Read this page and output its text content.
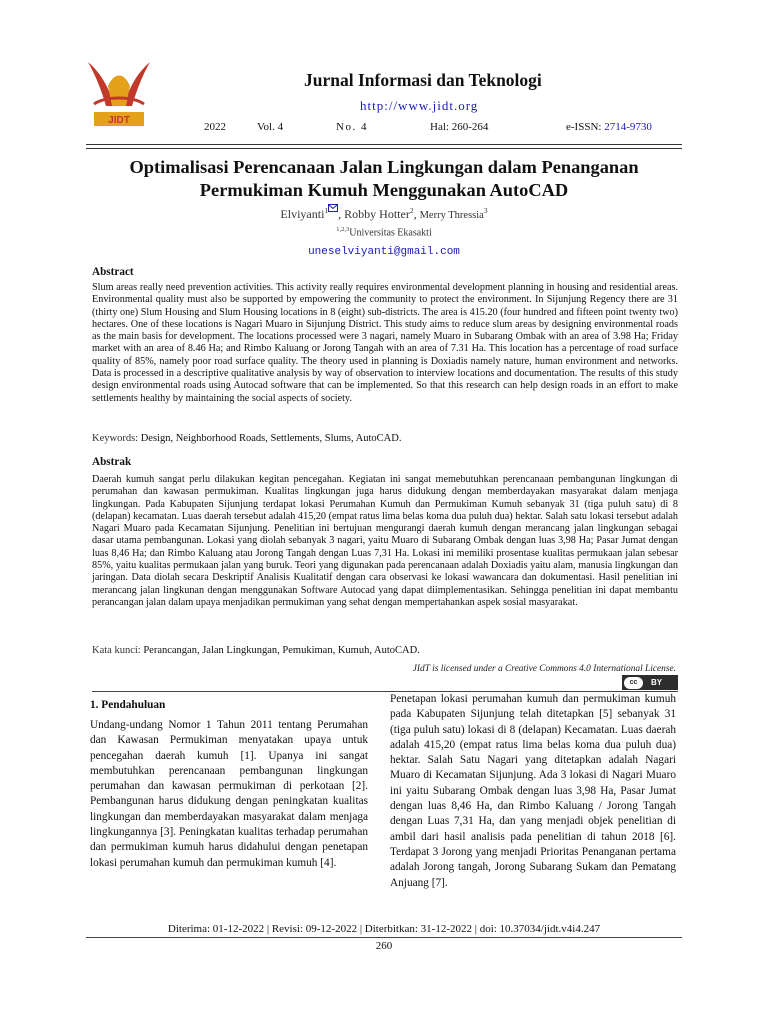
JIDT
Jurnal Informasi dan Teknologi
http://www.jidt.org
2022	Vol. 4	No. 4	Hal: 260-264	e-ISSN: 2714-9730
Optimalisasi Perencanaan Jalan Lingkungan dalam Penanganan Permukiman Kumuh Menggunakan AutoCAD
Elviyanti$^1$ , Robby Hotter$^2$, Merry Thressia$^3$
$^{1,2,3}$Universitas Ekasakti
uneselviyanti@gmail.com
Abstract
Slum areas really need prevention activities. This activity really requires environmental development planning in housing and residential areas. Environmental quality must also be supported by empowering the community to protect the environment. In Sijunjung Regency there are 31 (thirty one) Slum Housing and Slum Housing locations in 8 (eight) sub-districts. The area is 415.20 (four hundred and fifteen point twenty two) hectares. One of these locations is Nagari Muaro in Sijunjung District. This study aims to reduce slum areas by designing environmental roads as the main basis for development. The locations processed were 3 nagari, namely Muaro in Subarang Ombak with an area of 3.98 Ha; Friday market with an area of 8.46 Ha; and Rimbo Kaluang or Jorong Tangah with an area of 7.31 Ha. This location has a percentage of road surface quality of 85%, namely poor road surface quality. The theory used in planning is Doxiadis namely nature, human environment and networks. Data is processed in a descriptive qualitative analysis by way of observation to interview locations and documentation. The results of this study design environmental roads using Autocad software that can be implemented. So that this research can help design roads in an effort to make settlements healthy by maintaining the social aspects of society.
Keywords: Design, Neighborhood Roads, Settlements, Slums, AutoCAD.
Abstrak
Daerah kumuh sangat perlu dilakukan kegitan pencegahan. Kegiatan ini sangat memebutuhkan perencanaan pembangunan lingkungan di perumahan dan kawasan permukiman. Kualitas lingkungan juga harus didukung dengan memberdayakan masyarakat dalam menjaga lingkungan. Pada Kabupaten Sijunjung terdapat lokasi Perumahan Kumuh dan Permukiman Kumuh sebanyak 31 (tiga puluh satu) di 8 (delapan) kecamatan. Luas daerah tersebut adalah 415,20 (empat ratus lima belas koma dua puluh dua) hektar. Salah satu lokasi tersebut adalah Nagari Muaro pada Kecamatan Sijunjung. Penelitian ini bertujuan mengurangi daerah kumuh dengan merancang jalan lingkungan sebagai dasar utama pembangunan. Lokasi yang diolah sebanyak 3 nagari, yaitu Muaro di Subarang Ombak dengan luas 3,98 Ha; Pasar Jumat dengan luas 8,46 Ha; dan Rimbo Kaluang atau Jorong Tangah dengan Luas 7,31 Ha. Lokasi ini memiliki prosentase kualitas permukaan jalan sebesar 85%, yaitu kualitas permukaan jalan yang buruk. Teori yang digunakan pada perencanaan adalah Doxiadis yaitu alam, manusia lingkungan dan jaringan. Data diolah secara Deskriptif Analisis Kualitatif dengan cara observasi ke lokasi wawancara dan dokumentasi. Hasil penelitian ini merancang jalan lingkunan dengan menggunakan Software Autocad yang dapat diimplementasikan. Sehingga penelitian ini dapat membantu perancangan jalan dalam upaya menjadikan permukiman yang sehat dengan mempertahankan aspek sosial masyarakat.
Kata kunci: Perancangan, Jalan Lingkungan, Pemukiman, Kumuh, AutoCAD.
JIdT is licensed under a Creative Commons 4.0 International License.
cc	BY
1. Pendahuluan
Undang-undang Nomor 1 Tahun 2011 tentang Perumahan dan Kawasan Permukiman menyatakan upaya untuk pencegahan daerah kumuh [1]. Upanya ini sangat membutuhkan perencanaan pembangunan lingkungan perumahan dan kawasan permukiman di perkotaan [2]. Pembangunan harus didukung dengan peningkatan kualitas lingkungan dan memberdayakan masyarakat dalam menjaga lingkungannya [3]. Peningkatan kualitas terhadap perumahan dan permukiman kumuh harus didahului dengan penetapan lokasi perumahan kumuh dan permukiman kumuh [4].
Penetapan lokasi perumahan kumuh dan permukiman kumuh pada Kabupaten Sijunjung telah ditetapkan [5] sebanyak 31 (tiga puluh satu) lokasi di 8 (delapan) Kecamatan. Luas daerah adalah 415,20 (empat ratus lima belas koma dua puluh dua) hektar. Salah Satu Nagari yang ditetapkan adalah Nagari Muaro di Kecamatan Sijunjung. Ada 3 lokasi di Nagari Muaro ini yaitu Subarang Ombak dengan luas 3,98 Ha, Pasar Jumat dengan luas 8,46 Ha, dan Rimbo Kaluang / Jorong Tangah dengan Luas 7,31 Ha, dan yang menjadi objek penelitian di ambil dari hasil analisis pada penelitian di tahun 2018 [6]. Terdapat 3 Jorong yang menjadi Prioritas Penanganan pertama adalah Jorong tangah, Jorong Subarang Sukam dan Pematang Anjuang [7].
Diterima: 01-12-2022 | Revisi: 09-12-2022 | Diterbitkan: 31-12-2022 | doi: 10.37034/jidt.v4i4.247
260
